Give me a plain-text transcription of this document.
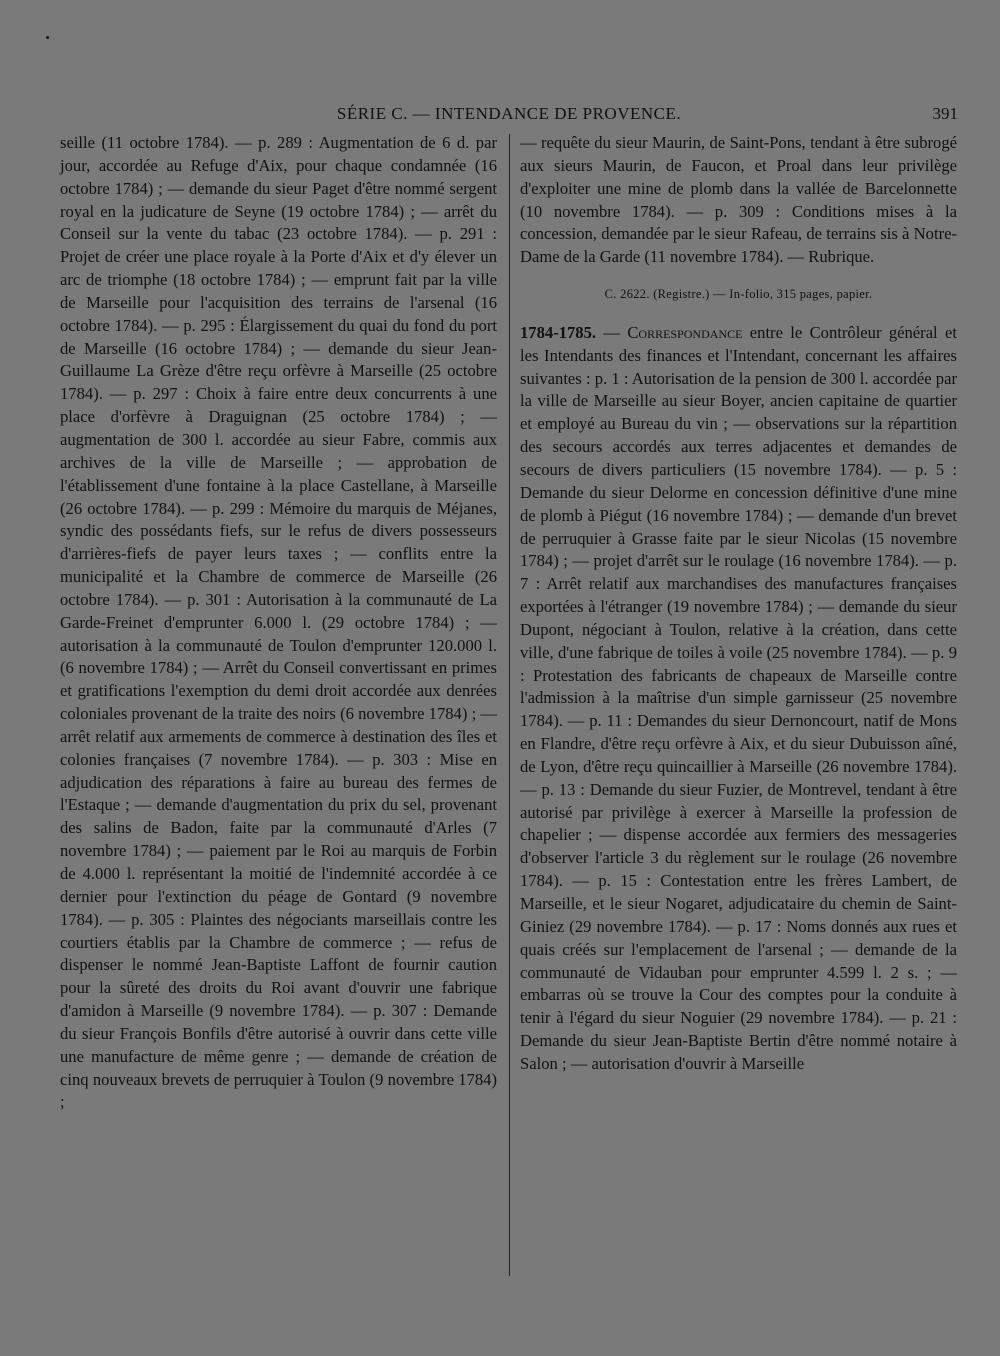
SÉRIE C. — INTENDANCE DE PROVENCE.	391

seille (11 octobre 1784). — p. 289 : Augmentation de 6 d. par jour, accordée au Refuge d'Aix, pour chaque condamnée (16 octobre 1784) ; — demande du sieur Paget d'être nommé sergent royal en la judicature de Seyne (19 octobre 1784) ; — arrêt du Conseil sur la vente du tabac (23 octobre 1784). — p. 291 : Projet de créer une place royale à la Porte d'Aix et d'y élever un arc de triomphe (18 octobre 1784) ; — emprunt fait par la ville de Marseille pour l'acquisition des terrains de l'arsenal (16 octobre 1784). — p. 295 : Élargissement du quai du fond du port de Marseille (16 octobre 1784) ; — demande du sieur Jean-Guillaume La Grèze d'être reçu orfèvre à Marseille (25 octobre 1784). — p. 297 : Choix à faire entre deux concurrents à une place d'orfèvre à Draguignan (25 octobre 1784) ; — augmentation de 300 l. accordée au sieur Fabre, commis aux archives de la ville de Marseille ; — approbation de l'établissement d'une fontaine à la place Castellane, à Marseille (26 octobre 1784). — p. 299 : Mémoire du marquis de Méjanes, syndic des possédants fiefs, sur le refus de divers possesseurs d'arrières-fiefs de payer leurs taxes ; — conflits entre la municipalité et la Chambre de commerce de Marseille (26 octobre 1784). — p. 301 : Autorisation à la communauté de La Garde-Freinet d'emprunter 6.000 l. (29 octobre 1784) ; — autorisation à la communauté de Toulon d'emprunter 120.000 l. (6 novembre 1784) ; — Arrêt du Conseil convertissant en primes et gratifications l'exemption du demi droit accordée aux denrées coloniales provenant de la traite des noirs (6 novembre 1784) ; — arrêt relatif aux armements de commerce à destination des îles et colonies françaises (7 novembre 1784). — p. 303 : Mise en adjudication des réparations à faire au bureau des fermes de l'Estaque ; — demande d'augmentation du prix du sel, provenant des salins de Badon, faite par la communauté d'Arles (7 novembre 1784) ; — paiement par le Roi au marquis de Forbin de 4.000 l. représentant la moitié de l'indemnité accordée à ce dernier pour l'extinction du péage de Gontard (9 novembre 1784). — p. 305 : Plaintes des négociants marseillais contre les courtiers établis par la Chambre de commerce ; — refus de dispenser le nommé Jean-Baptiste Laffont de fournir caution pour la sûreté des droits du Roi avant d'ouvrir une fabrique d'amidon à Marseille (9 novembre 1784). — p. 307 : Demande du sieur François Bonfils d'être autorisé à ouvrir dans cette ville une manufacture de même genre ; — demande de création de cinq nouveaux brevets de perruquier à Toulon (9 novembre 1784) ;

— requête du sieur Maurin, de Saint-Pons, tendant à être subrogé aux sieurs Maurin, de Faucon, et Proal dans leur privilège d'exploiter une mine de plomb dans la vallée de Barcelonnette (10 novembre 1784). — p. 309 : Conditions mises à la concession, demandée par le sieur Rafeau, de terrains sis à Notre-Dame de la Garde (11 novembre 1784). — Rubrique.

C. 2622. (Registre.) — In-folio, 315 pages, papier.

1784-1785. — Correspondance entre le Contrôleur général et les Intendants des finances et l'Intendant, concernant les affaires suivantes : p. 1 : Autorisation de la pension de 300 l. accordée par la ville de Marseille au sieur Boyer, ancien capitaine de quartier et employé au Bureau du vin ; — observations sur la répartition des secours accordés aux terres adjacentes et demandes de secours de divers particuliers (15 novembre 1784). — p. 5 : Demande du sieur Delorme en concession définitive d'une mine de plomb à Piégut (16 novembre 1784) ; — demande d'un brevet de perruquier à Grasse faite par le sieur Nicolas (15 novembre 1784) ; — projet d'arrêt sur le roulage (16 novembre 1784). — p. 7 : Arrêt relatif aux marchandises des manufactures françaises exportées à l'étranger (19 novembre 1784) ; — demande du sieur Dupont, négociant à Toulon, relative à la création, dans cette ville, d'une fabrique de toiles à voile (25 novembre 1784). — p. 9 : Protestation des fabricants de chapeaux de Marseille contre l'admission à la maîtrise d'un simple garnisseur (25 novembre 1784). — p. 11 : Demandes du sieur Dernoncourt, natif de Mons en Flandre, d'être reçu orfèvre à Aix, et du sieur Dubuisson aîné, de Lyon, d'être reçu quincaillier à Marseille (26 novembre 1784). — p. 13 : Demande du sieur Fuzier, de Montrevel, tendant à être autorisé par privilège à exercer à Marseille la profession de chapelier ; — dispense accordée aux fermiers des messageries d'observer l'article 3 du règlement sur le roulage (26 novembre 1784). — p. 15 : Contestation entre les frères Lambert, de Marseille, et le sieur Nogaret, adjudicataire du chemin de Saint-Giniez (29 novembre 1784). — p. 17 : Noms donnés aux rues et quais créés sur l'emplacement de l'arsenal ; — demande de la communauté de Vidauban pour emprunter 4.599 l. 2 s. ; — embarras où se trouve la Cour des comptes pour la conduite à tenir à l'égard du sieur Noguier (29 novembre 1784). — p. 21 : Demande du sieur Jean-Baptiste Bertin d'être nommé notaire à Salon ; — autorisation d'ouvrir à Marseille
